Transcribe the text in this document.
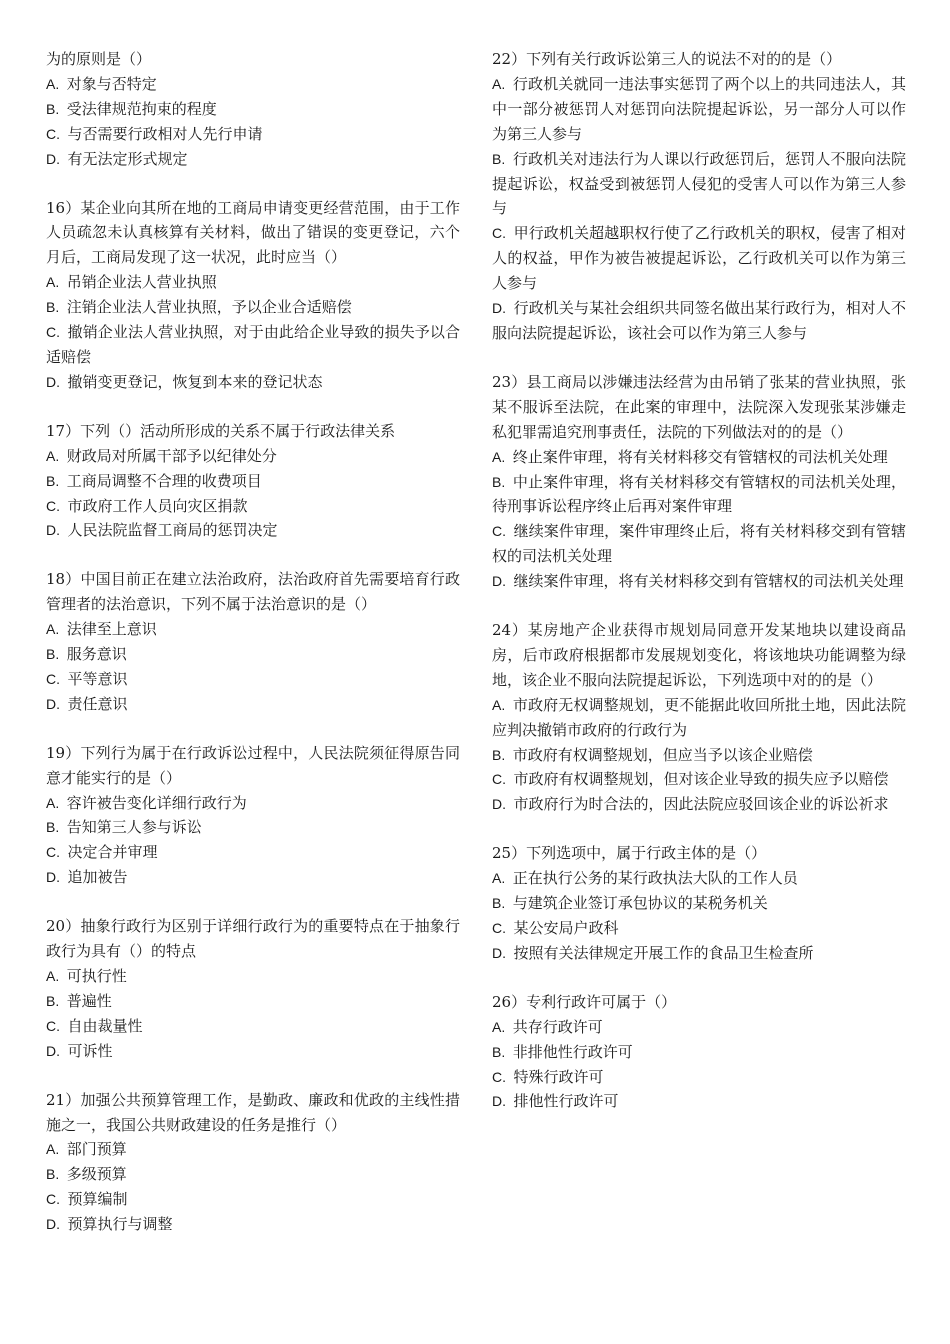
为的原则是（）
A.  对象与否特定
B.  受法律规范拘束的程度
C.  与否需要行政相对人先行申请
D.  有无法定形式规定
16）某企业向其所在地的工商局申请变更经营范围，由于工作人员疏忽未认真核算有关材料，做出了错误的变更登记，六个月后，工商局发现了这一状况，此时应当（）
A.  吊销企业法人营业执照
B.  注销企业法人营业执照，予以企业合适赔偿
C.  撤销企业法人营业执照，对于由此给企业导致的损失予以合适赔偿
D.  撤销变更登记，恢复到本来的登记状态
17）下列（）活动所形成的关系不属于行政法律关系
A.  财政局对所属干部予以纪律处分
B.  工商局调整不合理的收费项目
C.  市政府工作人员向灾区捐款
D.  人民法院监督工商局的惩罚决定
18）中国目前正在建立法治政府，法治政府首先需要培育行政管理者的法治意识，下列不属于法治意识的是（）
A.  法律至上意识
B.  服务意识
C.  平等意识
D.  责任意识
19）下列行为属于在行政诉讼过程中，人民法院须征得原告同意才能实行的是（）
A.  容许被告变化详细行政行为
B.  告知第三人参与诉讼
C.  决定合并审理
D.  追加被告
20）抽象行政行为区别于详细行政行为的重要特点在于抽象行政行为具有（）的特点
A.  可执行性
B.  普遍性
C.  自由裁量性
D.  可诉性
21）加强公共预算管理工作，是勤政、廉政和优政的主线性措施之一，我国公共财政建设的任务是推行（）
A.  部门预算
B.  多级预算
C.  预算编制
D.  预算执行与调整
22）下列有关行政诉讼第三人的说法不对的的是（）
A.  行政机关就同一违法事实惩罚了两个以上的共同违法人，其中一部分被惩罚人对惩罚向法院提起诉讼，另一部分人可以作为第三人参与
B.  行政机关对违法行为人课以行政惩罚后，惩罚人不服向法院提起诉讼，权益受到被惩罚人侵犯的受害人可以作为第三人参与
C.  甲行政机关超越职权行使了乙行政机关的职权，侵害了相对人的权益，甲作为被告被提起诉讼，乙行政机关可以作为第三人参与
D.  行政机关与某社会组织共同签名做出某行政行为，相对人不服向法院提起诉讼，该社会可以作为第三人参与
23）县工商局以涉嫌违法经营为由吊销了张某的营业执照，张某不服诉至法院，在此案的审理中，法院深入发现张某涉嫌走私犯罪需追究刑事责任，法院的下列做法对的的是（）
A.  终止案件审理，将有关材料移交有管辖权的司法机关处理
B.  中止案件审理，将有关材料移交有管辖权的司法机关处理，待刑事诉讼程序终止后再对案件审理
C.  继续案件审理，案件审理终止后，将有关材料移交到有管辖权的司法机关处理
D.  继续案件审理，将有关材料移交到有管辖权的司法机关处理
24）某房地产企业获得市规划局同意开发某地块以建设商品房，后市政府根据都市发展规划变化，将该地块功能调整为绿地，该企业不服向法院提起诉讼，下列选项中对的的是（）
A.  市政府无权调整规划，更不能据此收回所批土地，因此法院应判决撤销市政府的行政行为
B.  市政府有权调整规划，但应当予以该企业赔偿
C.  市政府有权调整规划，但对该企业导致的损失应予以赔偿
D.  市政府行为时合法的，因此法院应驳回该企业的诉讼祈求
25）下列选项中，属于行政主体的是（）
A.  正在执行公务的某行政执法大队的工作人员
B.  与建筑企业签订承包协议的某税务机关
C.  某公安局户政科
D.  按照有关法律规定开展工作的食品卫生检查所
26）专利行政许可属于（）
A.  共存行政许可
B.  非排他性行政许可
C.  特殊行政许可
D.  排他性行政许可
